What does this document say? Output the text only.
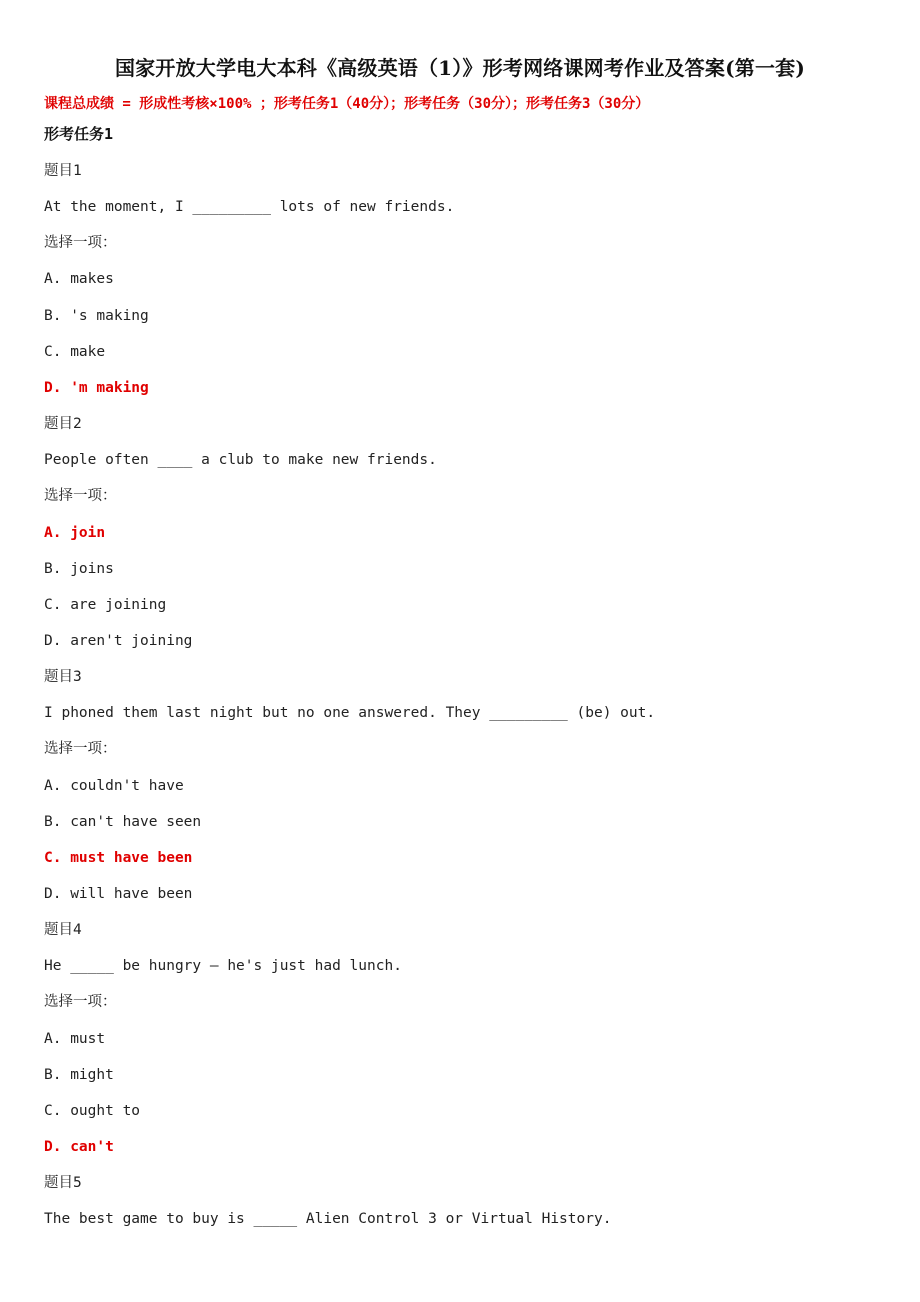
国家开放大学电大本科《高级英语（1）》形考网络课网考作业及答案(第一套)
课程总成绩 = 形成性考核×100% ；形考任务1（40分）；形考任务（30分）；形考任务3（30分）
形考任务1
题目1
At the moment, I _________ lots of new friends.
选择一项：
A. makes
B. 's making
C. make
D. 'm making
题目2
People often ____ a club to make new friends.
选择一项：
A. join
B. joins
C. are joining
D. aren't joining
题目3
I phoned them last night but no one answered. They _________ (be) out.
选择一项：
A. couldn't have
B. can't have seen
C. must have been
D. will have been
题目4
He _____ be hungry – he's just had lunch.
选择一项：
A. must
B. might
C. ought to
D. can't
题目5
The best game to buy is _____ Alien Control 3 or Virtual History.
